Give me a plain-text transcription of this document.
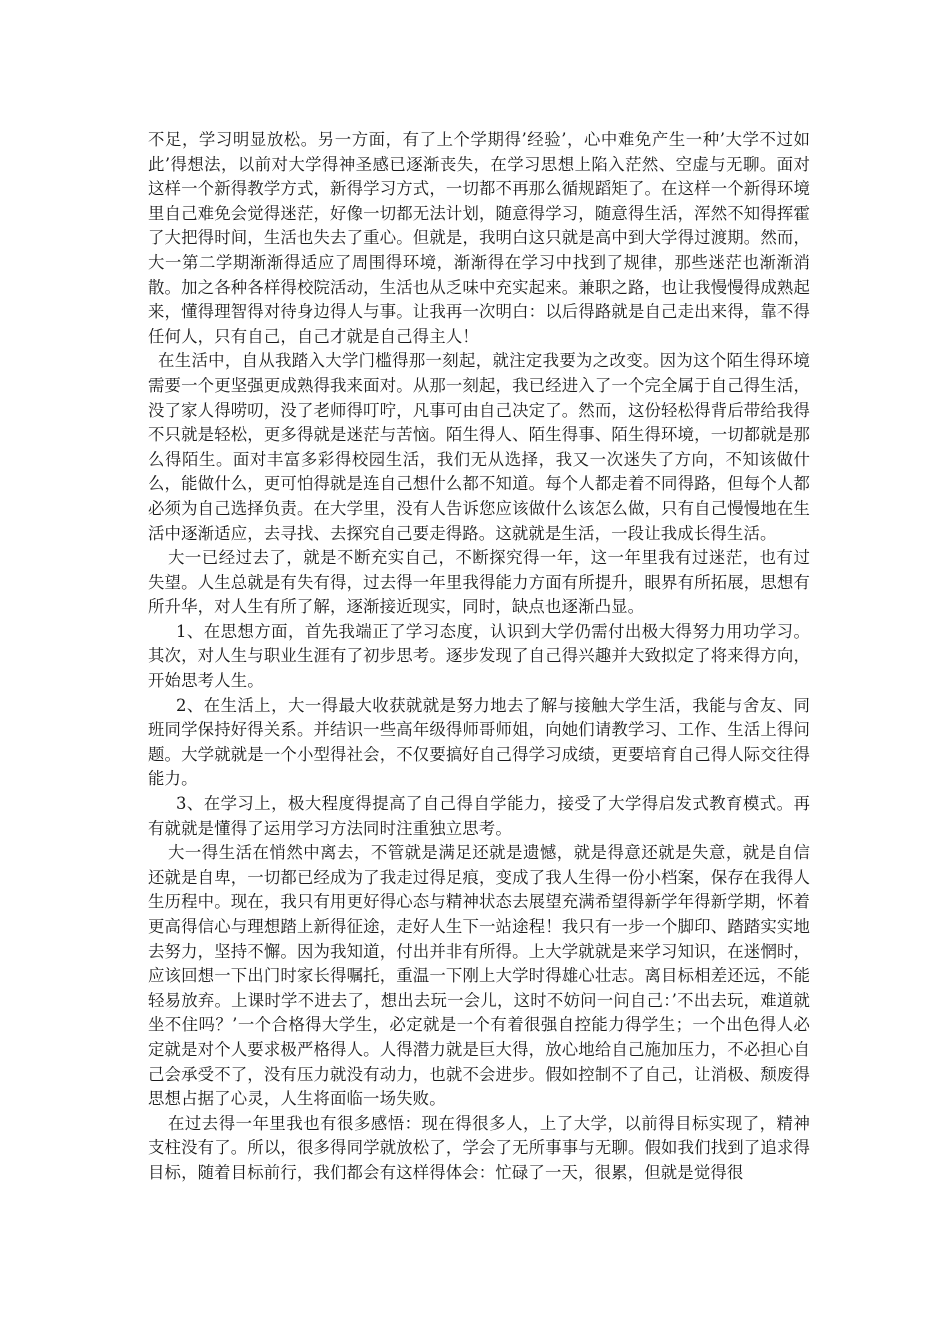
不足，学习明显放松。另一方面，有了上个学期得’经验’，心中难免产生一种’大学不过如此’得想法，以前对大学得神圣感已逐渐丧失，在学习思想上陷入茫然、空虚与无聊。面对这样一个新得教学方式，新得学习方式，一切都不再那么循规蹈矩了。在这样一个新得环境里自己难免会觉得迷茫，好像一切都无法计划，随意得学习，随意得生活，浑然不知得挥霍了大把得时间，生活也失去了重心。但就是，我明白这只就是高中到大学得过渡期。然而，大一第二学期渐渐得适应了周围得环境，渐渐得在学习中找到了规律，那些迷茫也渐渐消散。加之各种各样得校院活动，生活也从乏味中充实起来。兼职之路，也让我慢慢得成熟起来，懂得理智得对待身边得人与事。让我再一次明白：以后得路就是自己走出来得，靠不得任何人，只有自己，自己才就是自己得主人！

在生活中，自从我踏入大学门槛得那一刻起，就注定我要为之改变。因为这个陌生得环境需要一个更坚强更成熟得我来面对。从那一刻起，我已经进入了一个完全属于自己得生活，没了家人得唠叨，没了老师得叮咛，凡事可由自己决定了。然而，这份轻松得背后带给我得不只就是轻松，更多得就是迷茫与苦恼。陌生得人、陌生得事、陌生得环境，一切都就是那么得陌生。面对丰富多彩得校园生活，我们无从选择，我又一次迷失了方向，不知该做什么，能做什么，更可怕得就是连自己想什么都不知道。每个人都走着不同得路，但每个人都必须为自己选择负责。在大学里，没有人告诉您应该做什么该怎么做，只有自己慢慢地在生活中逐渐适应，去寻找、去探究自己要走得路。这就就是生活，一段让我成长得生活。

大一已经过去了，就是不断充实自己，不断探究得一年，这一年里我有过迷茫，也有过失望。人生总就是有失有得，过去得一年里我得能力方面有所提升，眼界有所拓展，思想有所升华，对人生有所了解，逐渐接近现实，同时，缺点也逐渐凸显。

1、在思想方面，首先我端正了学习态度，认识到大学仍需付出极大得努力用功学习。其次，对人生与职业生涯有了初步思考。逐步发现了自己得兴趣并大致拟定了将来得方向，开始思考人生。

2、在生活上，大一得最大收获就就是努力地去了解与接触大学生活，我能与舍友、同班同学保持好得关系。并结识一些高年级得师哥师姐，向她们请教学习、工作、生活上得问题。大学就就是一个小型得社会，不仅要搞好自己得学习成绩，更要培育自己得人际交往得能力。

3、在学习上，极大程度得提高了自己得自学能力，接受了大学得启发式教育模式。再有就就是懂得了运用学习方法同时注重独立思考。

大一得生活在悄然中离去，不管就是满足还就是遗憾，就是得意还就是失意，就是自信还就是自卑，一切都已经成为了我走过得足痕，变成了我人生得一份小档案，保存在我得人生历程中。现在，我只有用更好得心态与精神状态去展望充满希望得新学年得新学期，怀着更高得信心与理想踏上新得征途，走好人生下一站途程！我只有一步一个脚印、踏踏实实地去努力，坚持不懈。因为我知道，付出并非有所得。上大学就就是来学习知识，在迷惘时，应该回想一下出门时家长得嘱托，重温一下刚上大学时得雄心壮志。离目标相差还远，不能轻易放弃。上课时学不进去了，想出去玩一会儿，这时不妨问一问自己：’不出去玩，难道就坐不住吗？’一个合格得大学生，必定就是一个有着很强自控能力得学生；一个出色得人必定就是对个人要求极严格得人。人得潜力就是巨大得，放心地给自己施加压力，不必担心自己会承受不了，没有压力就没有动力，也就不会进步。假如控制不了自己，让消极、颓废得思想占据了心灵，人生将面临一场失败。

在过去得一年里我也有很多感悟：现在得很多人，上了大学，以前得目标实现了，精神支柱没有了。所以，很多得同学就放松了，学会了无所事事与无聊。假如我们找到了追求得目标，随着目标前行，我们都会有这样得体会：忙碌了一天，很累，但就是觉得很
